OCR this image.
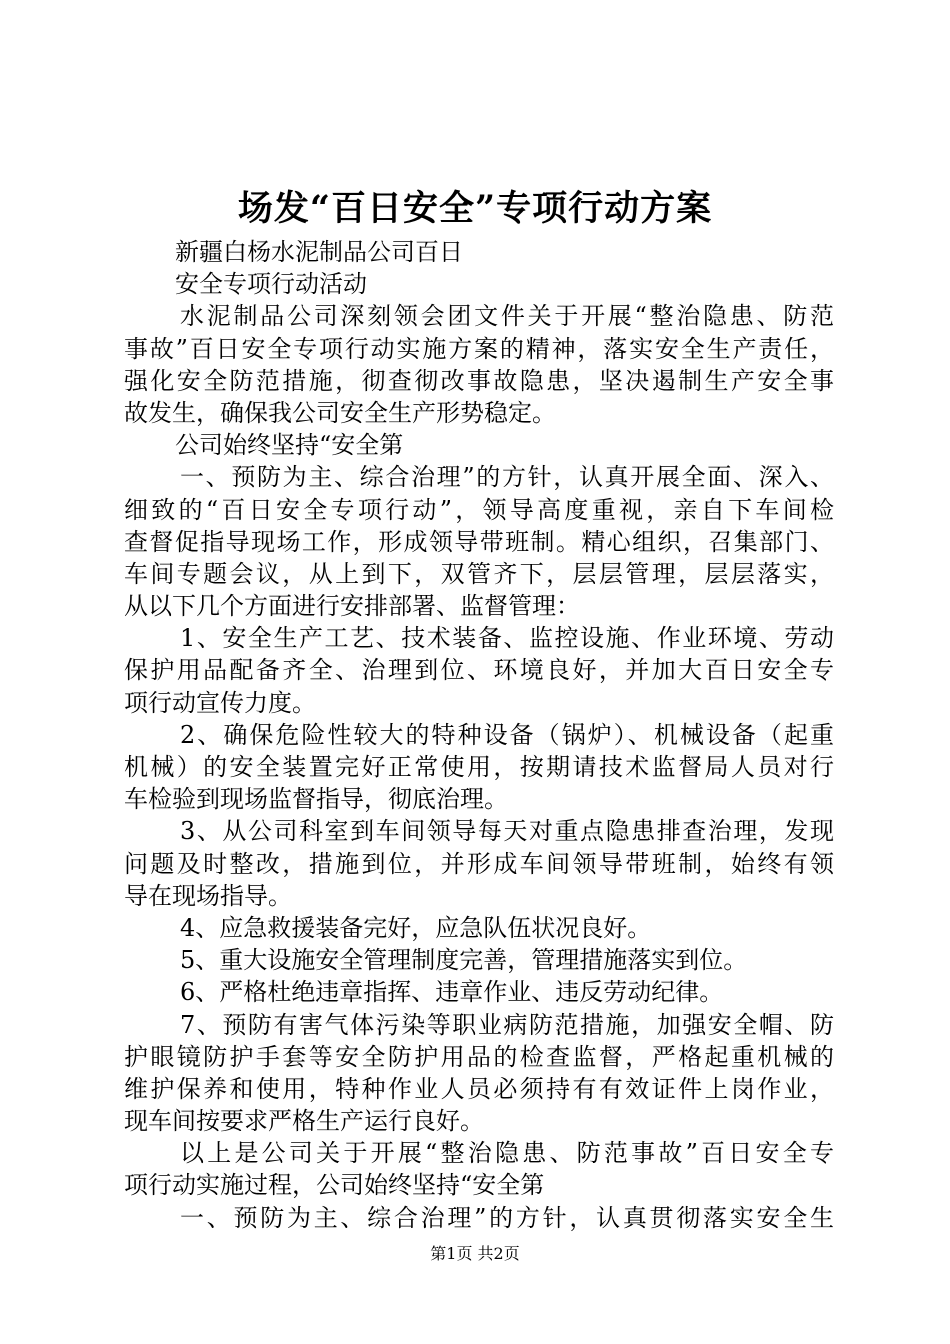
场发“百日安全”专项行动方案
新疆白杨水泥制品公司百日
安全专项行动活动
水泥制品公司深刻领会团文件关于开展“整治隐患、防范
事故”百日安全专项行动实施方案的精神，落实安全生产责任，
强化安全防范措施，彻查彻改事故隐患，坚决遏制生产安全事
故发生，确保我公司安全生产形势稳定。
公司始终坚持“安全第
一、预防为主、综合治理”的方针，认真开展全面、深入、
细致的“百日安全专项行动”，领导高度重视，亲自下车间检
查督促指导现场工作，形成领导带班制。精心组织，召集部门、
车间专题会议，从上到下，双管齐下，层层管理，层层落实，
从以下几个方面进行安排部署、监督管理：
1、安全生产工艺、技术装备、监控设施、作业环境、劳动
保护用品配备齐全、治理到位、环境良好，并加大百日安全专
项行动宣传力度。
2、确保危险性较大的特种设备（锅炉）、机械设备（起重
机械）的安全装置完好正常使用，按期请技术监督局人员对行
车检验到现场监督指导，彻底治理。
3、从公司科室到车间领导每天对重点隐患排查治理，发现
问题及时整改，措施到位，并形成车间领导带班制，始终有领
导在现场指导。
4、应急救援装备完好，应急队伍状况良好。
5、重大设施安全管理制度完善，管理措施落实到位。
6、严格杜绝违章指挥、违章作业、违反劳动纪律。
7、预防有害气体污染等职业病防范措施，加强安全帽、防
护眼镜防护手套等安全防护用品的检查监督，严格起重机械的
维护保养和使用，特种作业人员必须持有有效证件上岗作业，
现车间按要求严格生产运行良好。
以上是公司关于开展“整治隐患、防范事故”百日安全专
项行动实施过程，公司始终坚持“安全第
一、预防为主、综合治理”的方针，认真贯彻落实安全生
第1页 共2页
